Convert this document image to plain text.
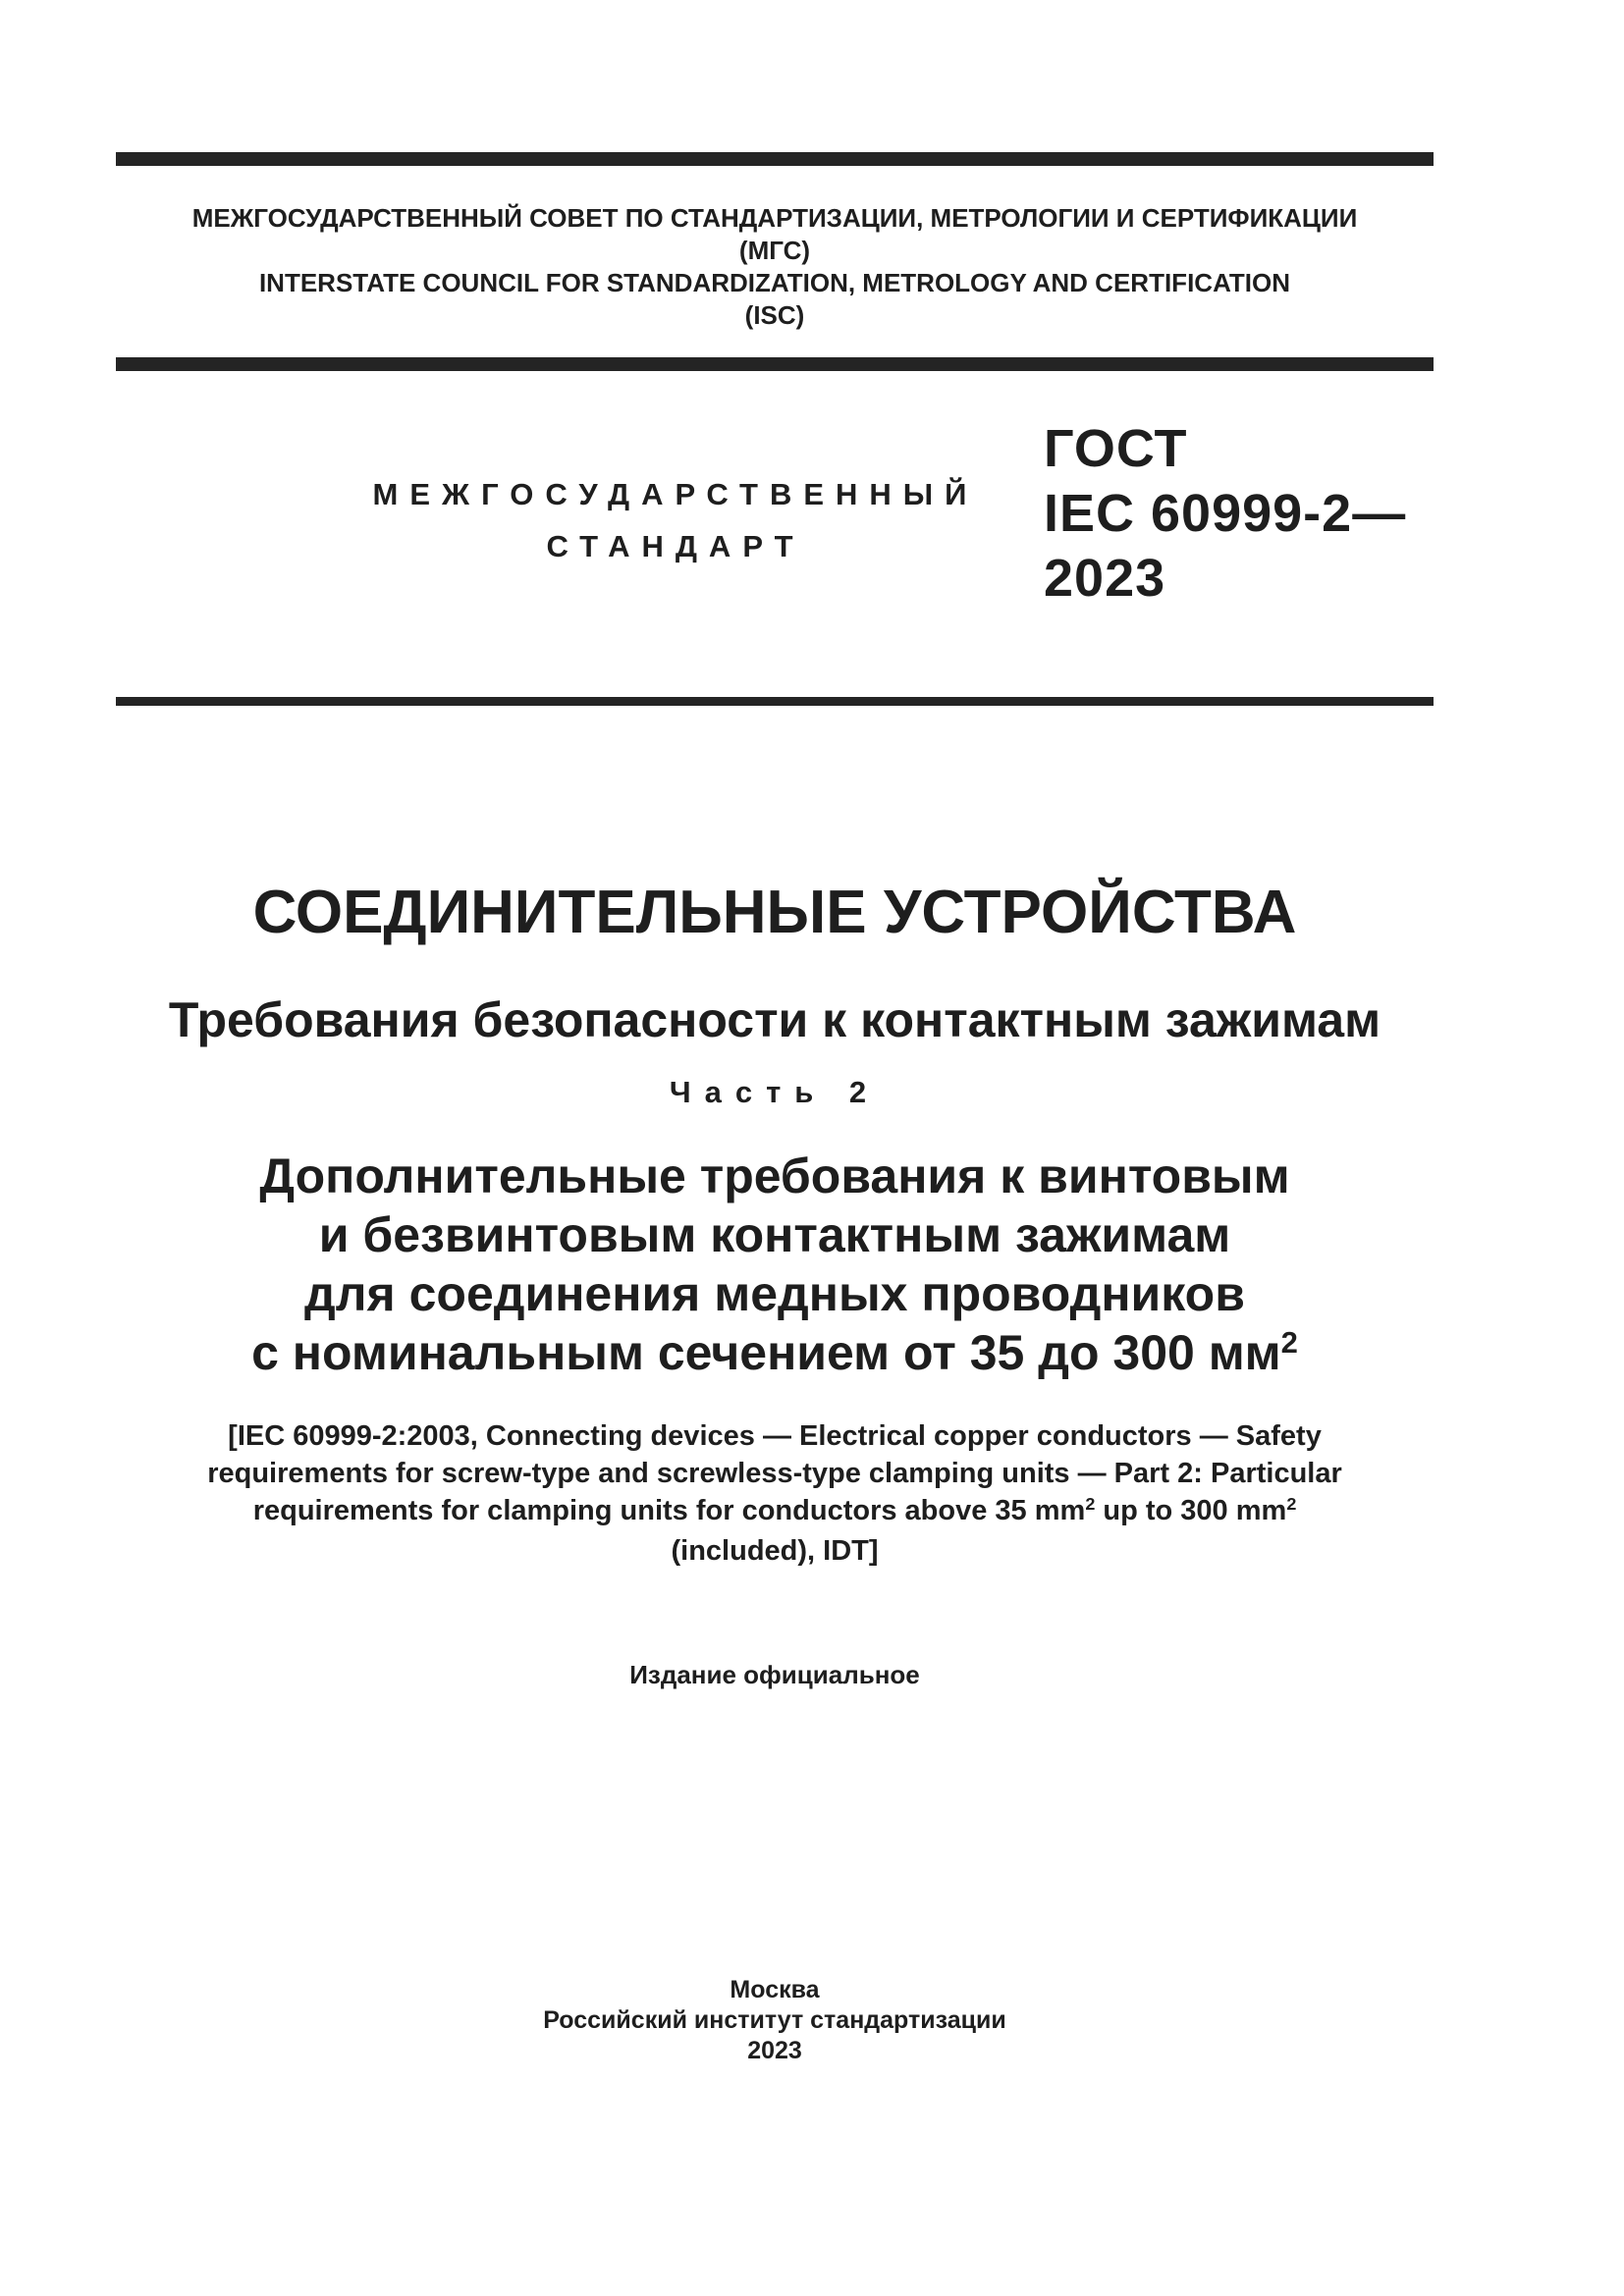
МЕЖГОСУДАРСТВЕННЫЙ СОВЕТ ПО СТАНДАРТИЗАЦИИ, МЕТРОЛОГИИ И СЕРТИФИКАЦИИ
(МГС)
INTERSTATE COUNCIL FOR STANDARDIZATION, METROLOGY AND CERTIFICATION
(ISC)
МЕЖГОСУДАРСТВЕННЫЙ
СТАНДАРТ
ГОСТ
IEC 60999-2—
2023
СОЕДИНИТЕЛЬНЫЕ УСТРОЙСТВА
Требования безопасности к контактным зажимам
Часть 2
Дополнительные требования к винтовым
и безвинтовым контактным зажимам
для соединения медных проводников
с номинальным сечением от 35 до 300 $мм^2$
[IEC 60999-2:2003, Connecting devices — Electrical copper conductors — Safety
requirements for screw-type and screwless-type clamping units — Part 2: Particular
requirements for clamping units for conductors above 35 $mm^2$ up to 300 $mm^2$
(included), IDT]
Издание официальное
Москва
Российский институт стандартизации
2023
